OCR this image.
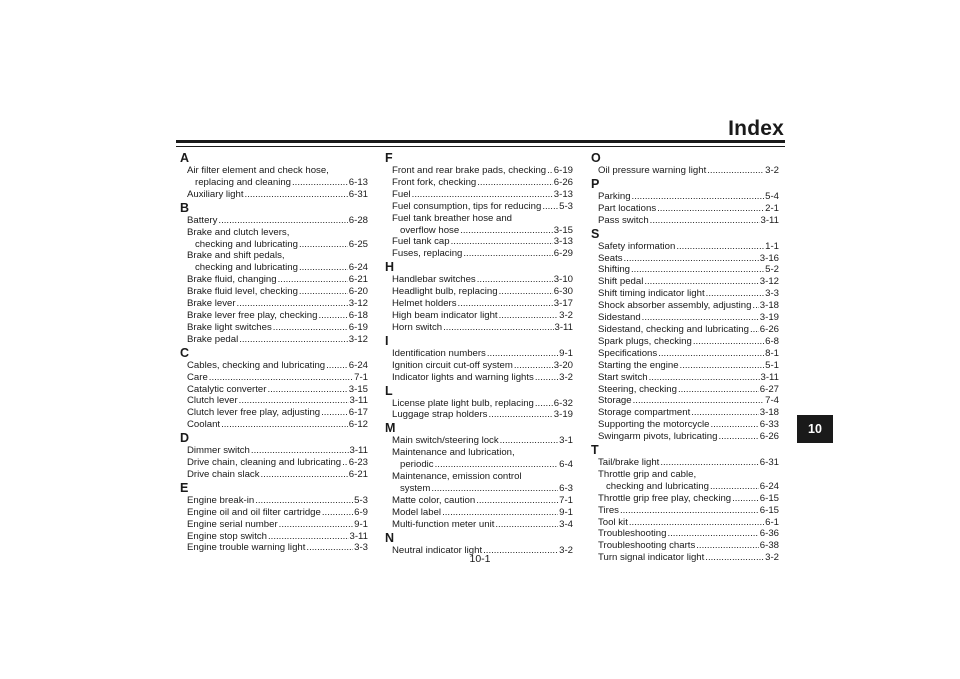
Index
A
Air filter element and check hose,
replacing and cleaning .....	6-13
Auxiliary light .....	6-31
B
Battery .....	6-28
Brake and clutch levers,
checking and lubricating .....	6-25
Brake and shift pedals,
checking and lubricating .....	6-24
Brake fluid, changing .....	6-21
Brake fluid level, checking .....	6-20
Brake lever .....	3-12
Brake lever free play, checking .....	6-18
Brake light switches .....	6-19
Brake pedal .....	3-12
C
Cables, checking and lubricating ..... 6-24
Care .....	7-1
Catalytic converter .....	3-15
Clutch lever .....	3-11
Clutch lever free play, adjusting .....	6-17
Coolant .....	6-12
D
Dimmer switch .....	3-11
Drive chain, cleaning and lubricating ..... 6-23
Drive chain slack .....	6-21
E
Engine break-in .....	5-3
Engine oil and oil filter cartridge .....	6-9
Engine serial number .....	9-1
Engine stop switch .....	3-11
Engine trouble warning light .....	3-3
F
Front and rear brake pads, checking ..... 6-19
Front fork, checking .....	6-26
Fuel .....	3-13
Fuel consumption, tips for reducing ..... 5-3
Fuel tank breather hose and
overflow hose .....	3-15
Fuel tank cap .....	3-13
Fuses, replacing .....	6-29
H
Handlebar switches .....	3-10
Headlight bulb, replacing .....	6-30
Helmet holders .....	3-17
High beam indicator light .....	3-2
Horn switch .....	3-11
I
Identification numbers .....	9-1
Ignition circuit cut-off system .....	3-20
Indicator lights and warning lights .....	3-2
L
License plate light bulb, replacing ..... 6-32
Luggage strap holders .....	3-19
M
Main switch/steering lock .....	3-1
Maintenance and lubrication,
periodic .....	6-4
Maintenance, emission control
system .....	6-3
Matte color, caution .....	7-1
Model label .....	9-1
Multi-function meter unit .....	3-4
N
Neutral indicator light .....	3-2
O
Oil pressure warning light .....	3-2
P
Parking .....	5-4
Part locations .....	2-1
Pass switch .....	3-11
S
Safety information .....	1-1
Seats .....	3-16
Shifting .....	5-2
Shift pedal .....	3-12
Shift timing indicator light .....	3-3
Shock absorber assembly, adjusting ..... 3-18
Sidestand .....	3-19
Sidestand, checking and lubricating ..... 6-26
Spark plugs, checking .....	6-8
Specifications .....	8-1
Starting the engine .....	5-1
Start switch .....	3-11
Steering, checking .....	6-27
Storage .....	7-4
Storage compartment .....	3-18
Supporting the motorcycle .....	6-33
Swingarm pivots, lubricating .....	6-26
T
Tail/brake light .....	6-31
Throttle grip and cable,
checking and lubricating .....	6-24
Throttle grip free play, checking .....	6-15
Tires .....	6-15
Tool kit .....	6-1
Troubleshooting .....	6-36
Troubleshooting charts .....	6-38
Turn signal indicator light .....	3-2
10
10-1
